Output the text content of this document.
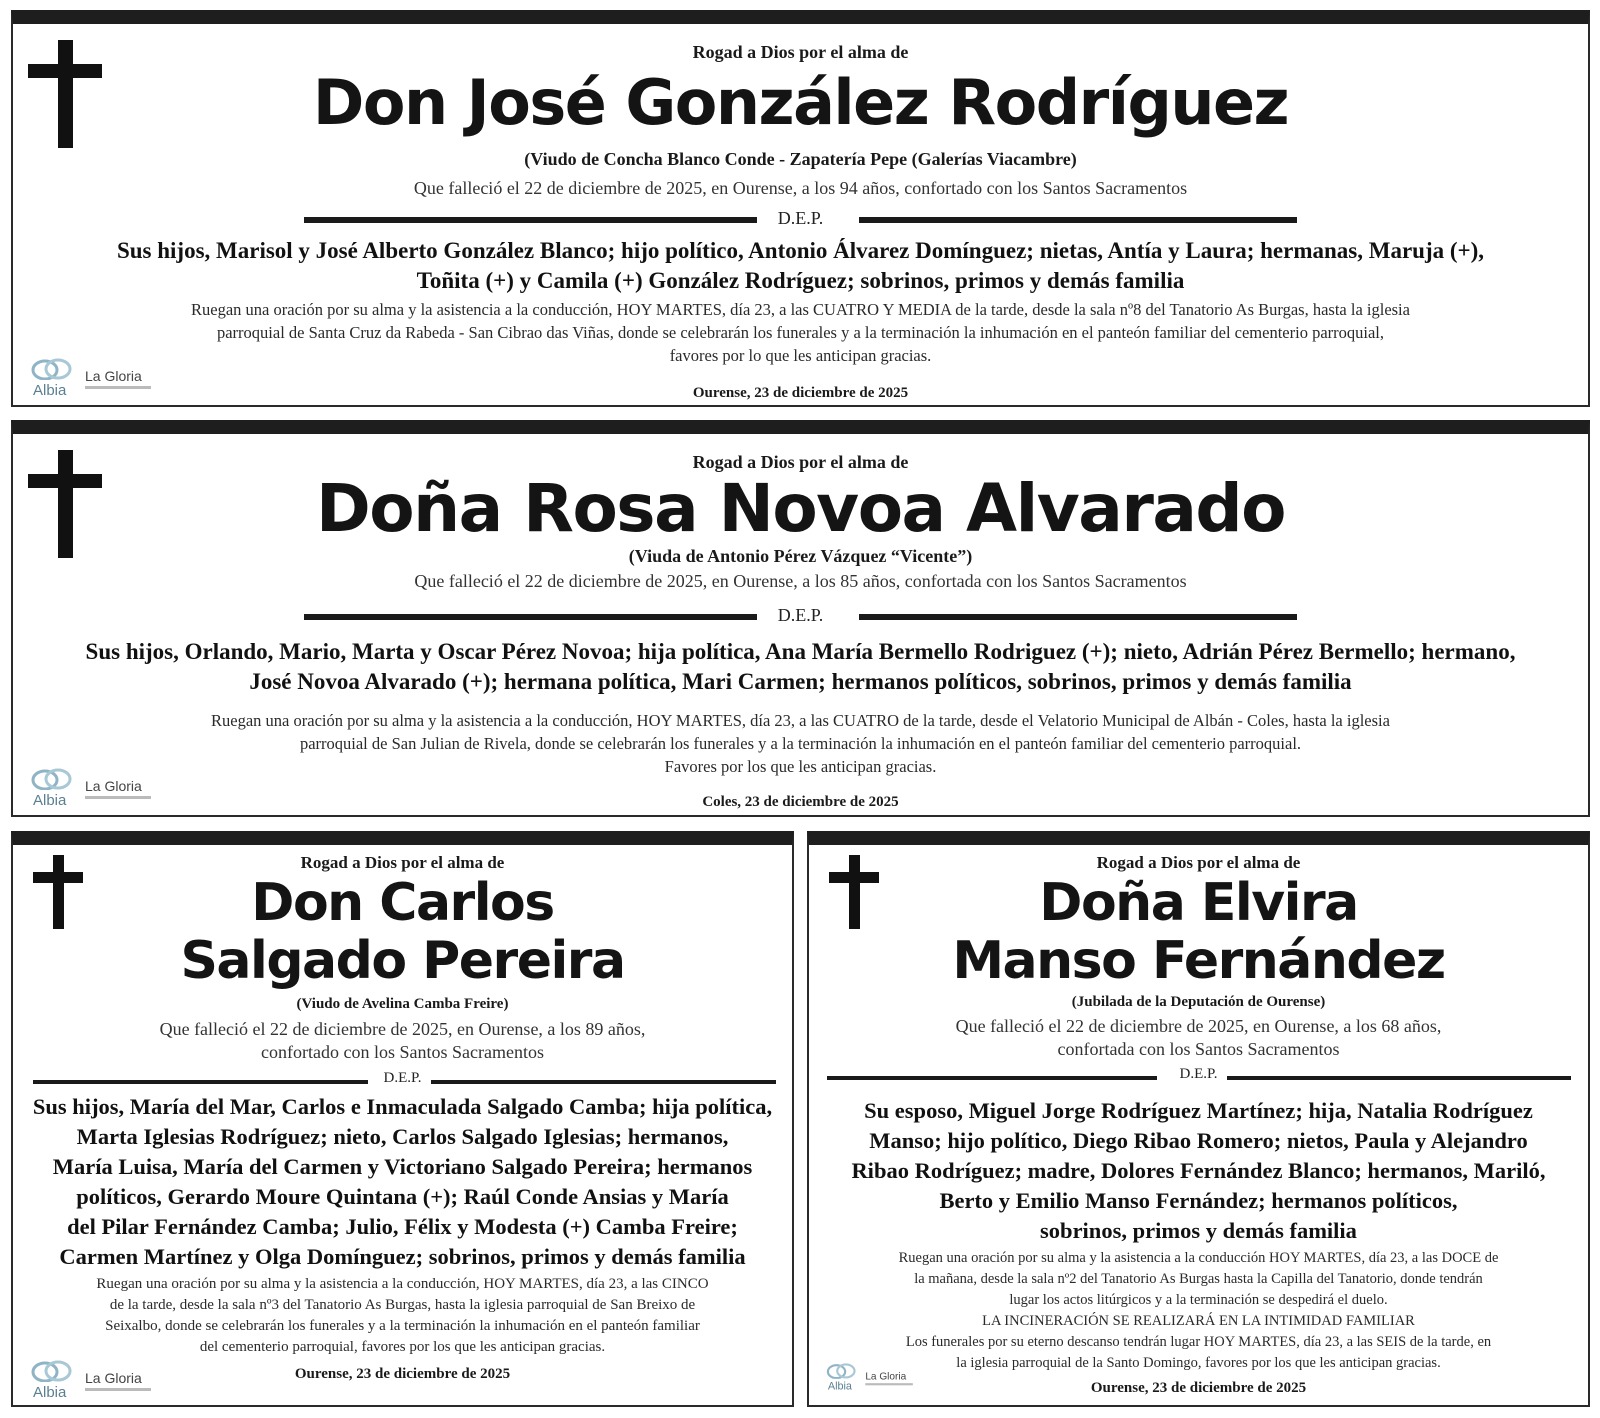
Rogad a Dios por el alma de
Don José González Rodríguez
(Viudo de Concha Blanco Conde - Zapatería Pepe (Galerías Viacambre)
Que falleció el 22 de diciembre de 2025, en Ourense, a los 94 años, confortado con los Santos Sacramentos
D.E.P.
Sus hijos, Marisol y José Alberto González Blanco; hijo político, Antonio Álvarez Domínguez; nietas, Antía y Laura; hermanas, Maruja (+),
Toñita (+) y Camila (+) González Rodríguez; sobrinos, primos y demás familia
Ruegan una oración por su alma y la asistencia a la conducción, HOY MARTES, día 23, a las CUATRO Y MEDIA de la tarde, desde la sala nº8 del Tanatorio As Burgas, hasta la iglesia
parroquial de Santa Cruz da Rabeda - San Cibrao das Viñas, donde se celebrarán los funerales y a la terminación la inhumación en el panteón familiar del cementerio parroquial,
favores por lo que les anticipan gracias.
Ourense, 23 de diciembre de 2025
Albia
La Gloria
Rogad a Dios por el alma de
Doña Rosa Novoa Alvarado
(Viuda de Antonio Pérez Vázquez “Vicente”)
Que falleció el 22 de diciembre de 2025, en Ourense, a los 85 años, confortada con los Santos Sacramentos
D.E.P.
Sus hijos, Orlando, Mario, Marta y Oscar Pérez Novoa; hija política, Ana María Bermello Rodriguez (+); nieto, Adrián Pérez Bermello; hermano,
José Novoa Alvarado (+); hermana política, Mari Carmen; hermanos políticos, sobrinos, primos y demás familia
Ruegan una oración por su alma y la asistencia a la conducción, HOY MARTES, día 23, a las CUATRO de la tarde, desde el Velatorio Municipal de Albán - Coles, hasta la iglesia
parroquial de San Julian de Rivela, donde se celebrarán los funerales y a la terminación la inhumación en el panteón familiar del cementerio parroquial.
Favores por los que les anticipan gracias.
Coles, 23 de diciembre de 2025
Albia
La Gloria
Rogad a Dios por el alma de
Don Carlos
Salgado Pereira
(Viudo de Avelina Camba Freire)
Que falleció el 22 de diciembre de 2025, en Ourense, a los 89 años,
confortado con los Santos Sacramentos
D.E.P.
Sus hijos, María del Mar, Carlos e Inmaculada Salgado Camba; hija política,
Marta Iglesias Rodríguez; nieto, Carlos Salgado Iglesias; hermanos,
María Luisa, María del Carmen y Victoriano Salgado Pereira; hermanos
políticos, Gerardo Moure Quintana (+); Raúl Conde Ansias y María
del Pilar Fernández Camba; Julio, Félix y Modesta (+) Camba Freire;
Carmen Martínez y Olga Domínguez; sobrinos, primos y demás familia
Ruegan una oración por su alma y la asistencia a la conducción, HOY MARTES, día 23, a las CINCO
de la tarde, desde la sala nº3 del Tanatorio As Burgas, hasta la iglesia parroquial de San Breixo de
Seixalbo, donde se celebrarán los funerales y a la terminación la inhumación en el panteón familiar
del cementerio parroquial, favores por los que les anticipan gracias.
Ourense, 23 de diciembre de 2025
Albia
La Gloria
Rogad a Dios por el alma de
Doña Elvira
Manso Fernández
(Jubilada de la Deputación de Ourense)
Que falleció el 22 de diciembre de 2025, en Ourense, a los 68 años,
confortada con los Santos Sacramentos
D.E.P.
Su esposo, Miguel Jorge Rodríguez Martínez; hija, Natalia Rodríguez
Manso; hijo político, Diego Ribao Romero; nietos, Paula y Alejandro
Ribao Rodríguez; madre, Dolores Fernández Blanco; hermanos, Mariló,
Berto y Emilio Manso Fernández; hermanos políticos,
sobrinos, primos y demás familia
Ruegan una oración por su alma y la asistencia a la conducción HOY MARTES, día 23, a las DOCE de
la mañana, desde la sala nº2 del Tanatorio As Burgas hasta la Capilla del Tanatorio, donde tendrán
lugar los actos litúrgicos y a la terminación se despedirá el duelo.
LA INCINERACIÓN SE REALIZARÁ EN LA INTIMIDAD FAMILIAR
Los funerales por su eterno descanso tendrán lugar HOY MARTES, día 23, a las SEIS de la tarde, en
la iglesia parroquial de la Santo Domingo, favores por los que les anticipan gracias.
Ourense, 23 de diciembre de 2025
Albia
La Gloria
